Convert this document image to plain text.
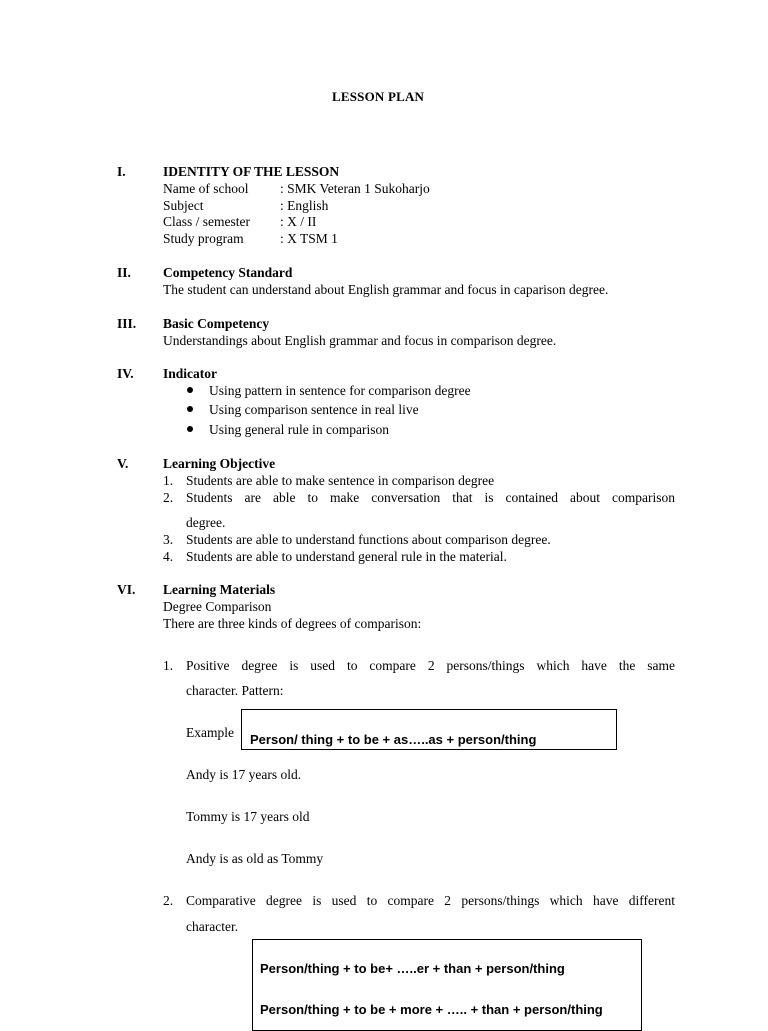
LESSON PLAN
I.	IDENTITY OF THE LESSON
Name of school : SMK Veteran 1 Sukoharjo
Subject	: English
Class / semester : X / II
Study program	: X TSM 1
II. Competency Standard
The student can understand about English grammar and focus in caparison degree.
III. Basic Competency
Understandings about English grammar and focus in comparison degree.
IV. Indicator
Using pattern in sentence for comparison degree
Using comparison sentence in real live
Using general rule in comparison
V.	Learning Objective
1. Students are able to make sentence in comparison degree
2. Students are able to make conversation that is contained about comparison
degree.
3. Students are able to understand functions about comparison degree.
4. Students are able to understand general rule in the material.
VI. Learning Materials
Degree Comparison
There are three kinds of degrees of comparison:
1. Positive degree is used to compare 2 persons/things which have the same
character. Pattern:
Example Person/ thing + to be + as…..as + person/thing
Andy is 17 years old.
Tommy is 17 years old
Andy is as old as Tommy
2. Comparative degree is used to compare 2 persons/things which have different
character.
Person/thing + to be+ …..er + than + person/thing
Person/thing + to be + more + ….. + than + person/thing
